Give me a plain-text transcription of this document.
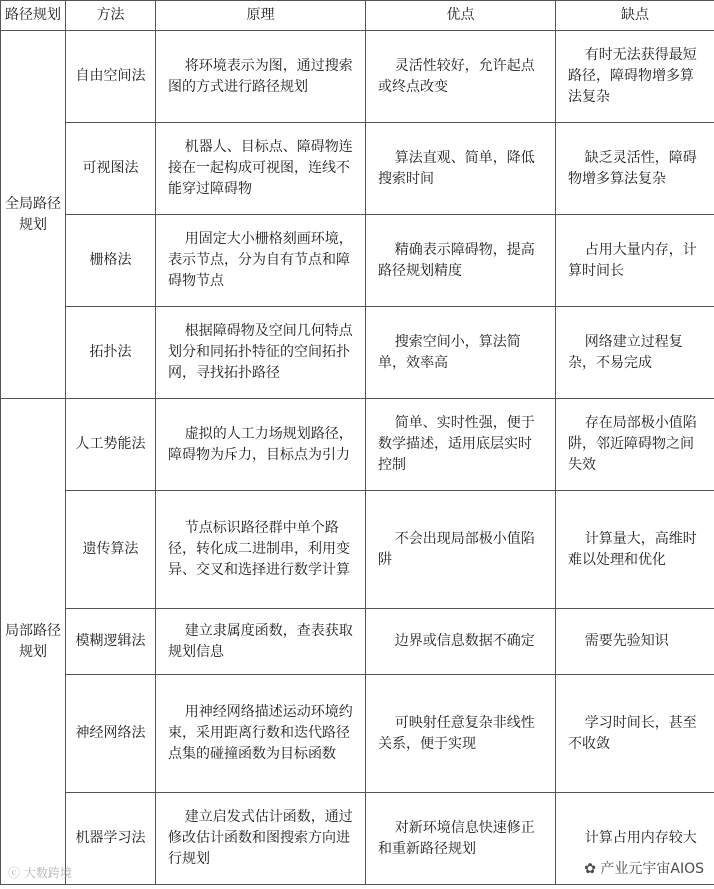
路径规划	方法	原理	优点	缺点
全局路径规划	自由空间法	将环境表示为图，通过搜索图的方式进行路径规划	灵活性较好，允许起点或终点改变	有时无法获得最短路径，障碍物增多算法复杂

	可视图法	机器人、目标点、障碍物连接在一起构成可视图，连线不能穿过障碍物	算法直观、简单，降低搜索时间	缺乏灵活性，障碍物增多算法复杂

	栅格法	用固定大小栅格刻画环境，表示节点，分为自有节点和障碍物节点	精确表示障碍物，提高路径规划精度	占用大量内存，计算时间长

	拓扑法	根据障碍物及空间几何特点划分和同拓扑特征的空间拓扑网，寻找拓扑路径	搜索空间小，算法简单，效率高	网络建立过程复杂，不易完成

局部路径规划	人工势能法	虚拟的人工力场规划路径，障碍物为斥力，目标点为引力	简单、实时性强，便于数学描述，适用底层实时控制	存在局部极小值陷阱，邻近障碍物之间失效

	遗传算法	节点标识路径群中单个路径，转化成二进制串，利用变异、交叉和选择进行数学计算	不会出现局部极小值陷阱	计算量大，高维时难以处理和优化

	模糊逻辑法	建立隶属度函数，查表获取规划信息	边界或信息数据不确定	需要先验知识

	神经网络法	用神经网络描述运动环境约束，采用距离行数和迭代路径点集的碰撞函数为目标函数	可映射任意复杂非线性关系，便于实现	学习时间长，甚至不收敛

	机器学习法	建立启发式估计函数，通过修改估计函数和图搜索方向进行规划	对新环境信息快速修正和重新路径规划	计算占用内存较大
ⓒ 大数跨境	✿ 产业元宇宙AIOS
